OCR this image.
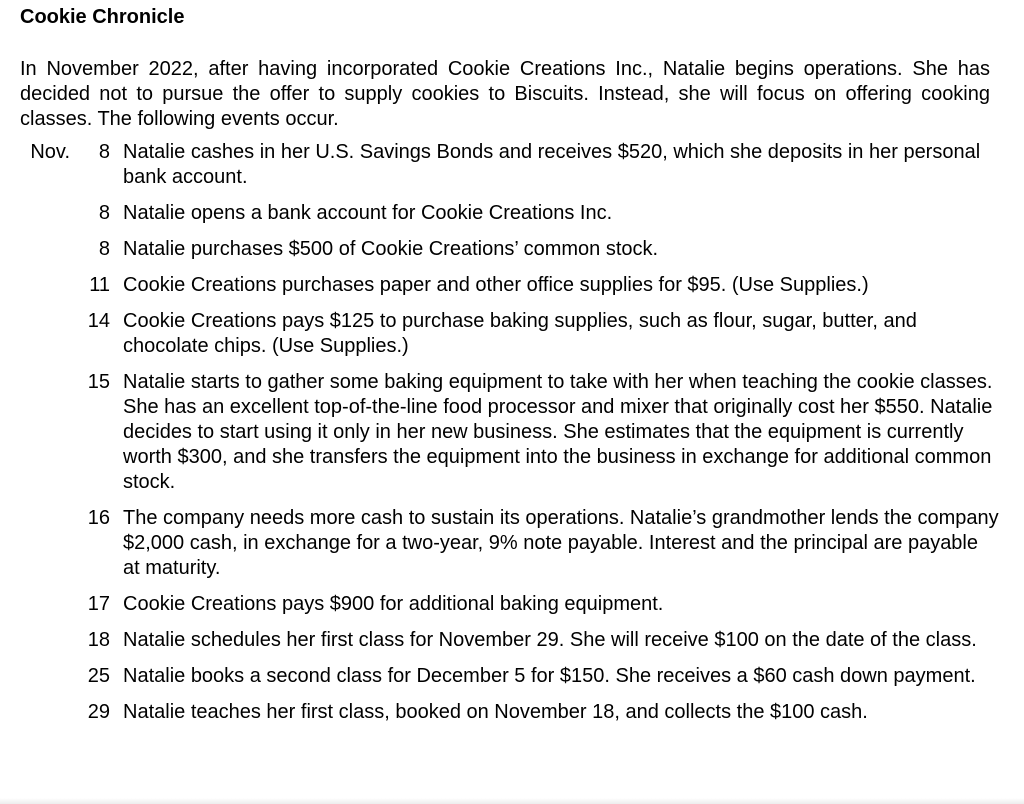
Cookie Chronicle
In November 2022, after having incorporated Cookie Creations Inc., Natalie begins operations. She has decided not to pursue the offer to supply cookies to Biscuits. Instead, she will focus on offering cooking classes. The following events occur.
Nov.	8 Natalie cashes in her U.S. Savings Bonds and receives $520, which she deposits in her personal bank account.
8 Natalie opens a bank account for Cookie Creations Inc.
8 Natalie purchases $500 of Cookie Creations’ common stock.
11 Cookie Creations purchases paper and other office supplies for $95. (Use Supplies.)
14 Cookie Creations pays $125 to purchase baking supplies, such as flour, sugar, butter, and chocolate chips. (Use Supplies.)
15 Natalie starts to gather some baking equipment to take with her when teaching the cookie classes. She has an excellent top-of-the-line food processor and mixer that originally cost her $550. Natalie decides to start using it only in her new business. She estimates that the equipment is currently worth $300, and she transfers the equipment into the business in exchange for additional common stock.
16 The company needs more cash to sustain its operations. Natalie’s grandmother lends the company $2,000 cash, in exchange for a two-year, 9% note payable. Interest and the principal are payable at maturity.
17 Cookie Creations pays $900 for additional baking equipment.
18 Natalie schedules her first class for November 29. She will receive $100 on the date of the class.
25 Natalie books a second class for December 5 for $150. She receives a $60 cash down payment.
29 Natalie teaches her first class, booked on November 18, and collects the $100 cash.
